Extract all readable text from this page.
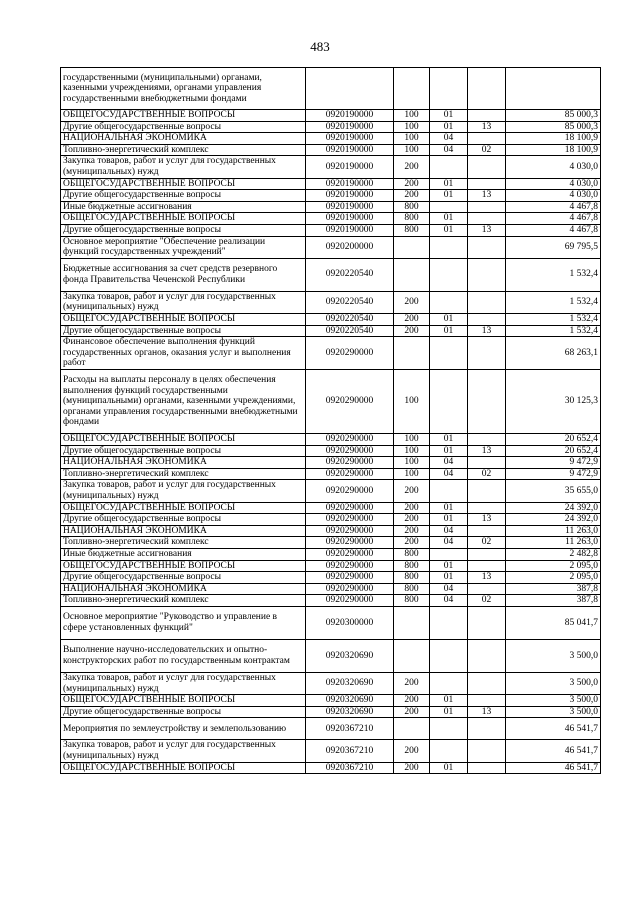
483
государственными (муниципальными) органами, казенными учреждениями, органами управления государственными внебюджетными фондами					
ОБЩЕГОСУДАРСТВЕННЫЕ ВОПРОСЫ	0920190000	100	01		85 000,3
Другие общегосударственные вопросы	0920190000	100	01	13	85 000,3
НАЦИОНАЛЬНАЯ ЭКОНОМИКА	0920190000	100	04		18 100,9
Топливно-энергетический комплекс	0920190000	100	04	02	18 100,9
Закупка товаров, работ и услуг для государственных (муниципальных) нужд	0920190000	200			4 030,0
ОБЩЕГОСУДАРСТВЕННЫЕ ВОПРОСЫ	0920190000	200	01		4 030,0
Другие общегосударственные вопросы	0920190000	200	01	13	4 030,0
Иные бюджетные ассигнования	0920190000	800			4 467,8
ОБЩЕГОСУДАРСТВЕННЫЕ ВОПРОСЫ	0920190000	800	01		4 467,8
Другие общегосударственные вопросы	0920190000	800	01	13	4 467,8
Основное мероприятие "Обеспечение реализации функций государственных учреждений"	0920200000				69 795,5
Бюджетные ассигнования за счет средств резервного фонда Правительства Чеченской Республики	0920220540				1 532,4
Закупка товаров, работ и услуг для государственных (муниципальных) нужд	0920220540	200			1 532,4
ОБЩЕГОСУДАРСТВЕННЫЕ ВОПРОСЫ	0920220540	200	01		1 532,4
Другие общегосударственные вопросы	0920220540	200	01	13	1 532,4
Финансовое обеспечение выполнения функций государственных органов, оказания услуг и выполнения работ	0920290000				68 263,1
Расходы на выплаты персоналу в целях обеспечения выполнения функций государственными (муниципальными) органами, казенными учреждениями, органами управления государственными внебюджетными фондами	0920290000	100			30 125,3
ОБЩЕГОСУДАРСТВЕННЫЕ ВОПРОСЫ	0920290000	100	01		20 652,4
Другие общегосударственные вопросы	0920290000	100	01	13	20 652,4
НАЦИОНАЛЬНАЯ ЭКОНОМИКА	0920290000	100	04		9 472,9
Топливно-энергетический комплекс	0920290000	100	04	02	9 472,9
Закупка товаров, работ и услуг для государственных (муниципальных) нужд	0920290000	200			35 655,0
ОБЩЕГОСУДАРСТВЕННЫЕ ВОПРОСЫ	0920290000	200	01		24 392,0
Другие общегосударственные вопросы	0920290000	200	01	13	24 392,0
НАЦИОНАЛЬНАЯ ЭКОНОМИКА	0920290000	200	04		11 263,0
Топливно-энергетический комплекс	0920290000	200	04	02	11 263,0
Иные бюджетные ассигнования	0920290000	800			2 482,8
ОБЩЕГОСУДАРСТВЕННЫЕ ВОПРОСЫ	0920290000	800	01		2 095,0
Другие общегосударственные вопросы	0920290000	800	01	13	2 095,0
НАЦИОНАЛЬНАЯ ЭКОНОМИКА	0920290000	800	04		387,8
Топливно-энергетический комплекс	0920290000	800	04	02	387,8
Основное мероприятие "Руководство и управление в сфере установленных функций"	0920300000				85 041,7
Выполнение научно-исследовательских и опытно-конструкторских работ по государственным контрактам	0920320690				3 500,0
Закупка товаров, работ и услуг для государственных (муниципальных) нужд	0920320690	200			3 500,0
ОБЩЕГОСУДАРСТВЕННЫЕ ВОПРОСЫ	0920320690	200	01		3 500,0
Другие общегосударственные вопросы	0920320690	200	01	13	3 500,0
Мероприятия по землеустройству и землепользованию	0920367210				46 541,7
Закупка товаров, работ и услуг для государственных (муниципальных) нужд	0920367210	200			46 541,7
ОБЩЕГОСУДАРСТВЕННЫЕ ВОПРОСЫ	0920367210	200	01		46 541,7
